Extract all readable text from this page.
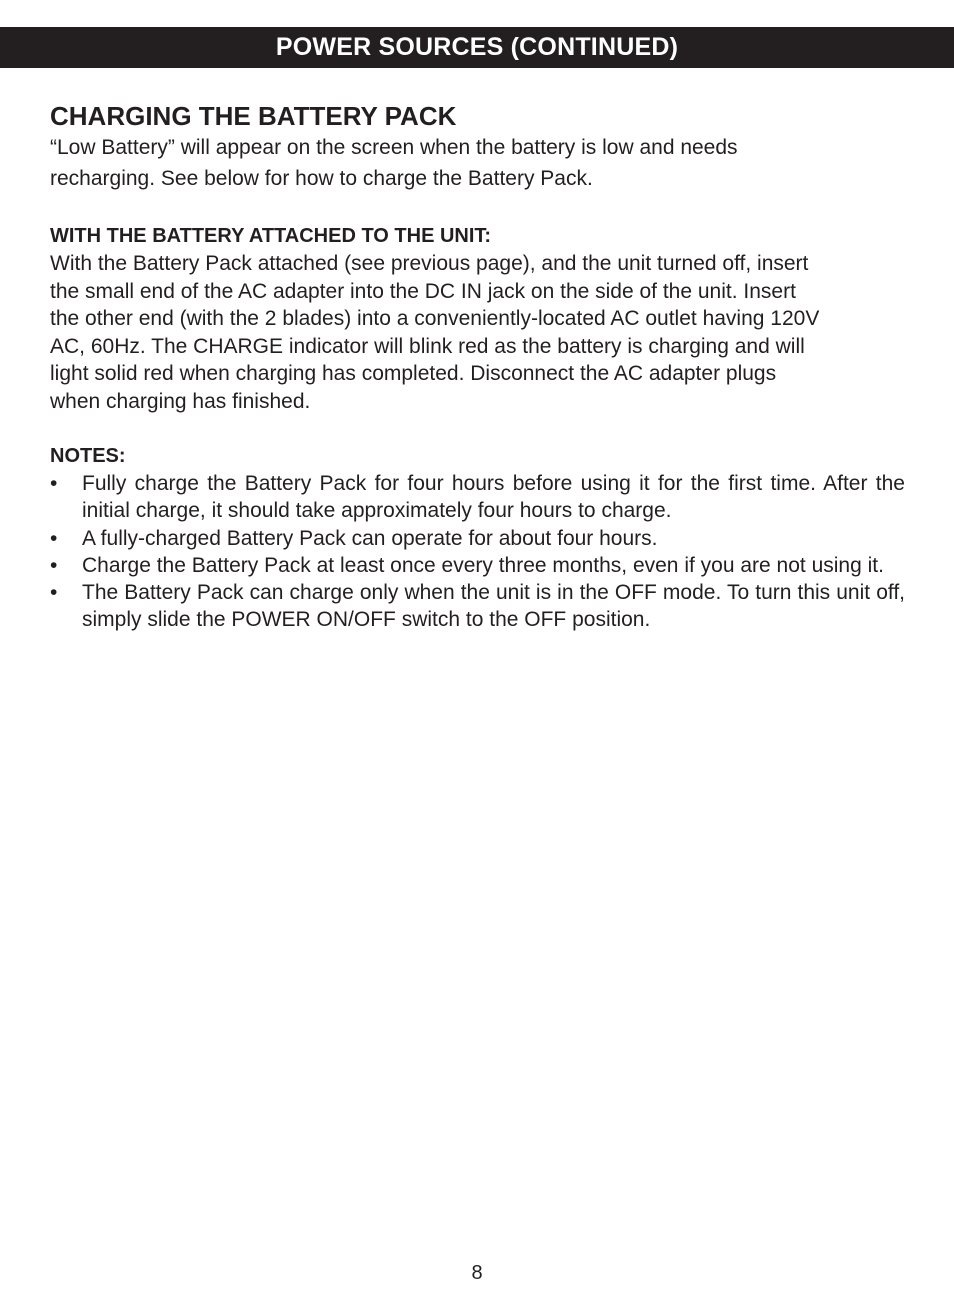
POWER SOURCES (CONTINUED)
CHARGING THE BATTERY PACK

“Low Battery” will appear on the screen when the battery is low and needs
recharging. See below for how to charge the Battery Pack.

WITH THE BATTERY ATTACHED TO THE UNIT:

With the Battery Pack attached (see previous page), and the unit turned off, insert
the small end of the AC adapter into the DC IN jack on the side of the unit. Insert
the other end (with the 2 blades) into a conveniently-located AC outlet having 120V
AC, 60Hz. The CHARGE indicator will blink red as the battery is charging and will
light solid red when charging has completed. Disconnect the AC adapter plugs
when charging has finished.

NOTES:
• Fully charge the Battery Pack for four hours before using it for the first time. After the initial charge, it should take approximately four hours to charge.
• A fully-charged Battery Pack can operate for about four hours.
• Charge the Battery Pack at least once every three months, even if you are not using it.
• The Battery Pack can charge only when the unit is in the OFF mode. To turn this unit off, simply slide the POWER ON/OFF switch to the OFF position.
8
